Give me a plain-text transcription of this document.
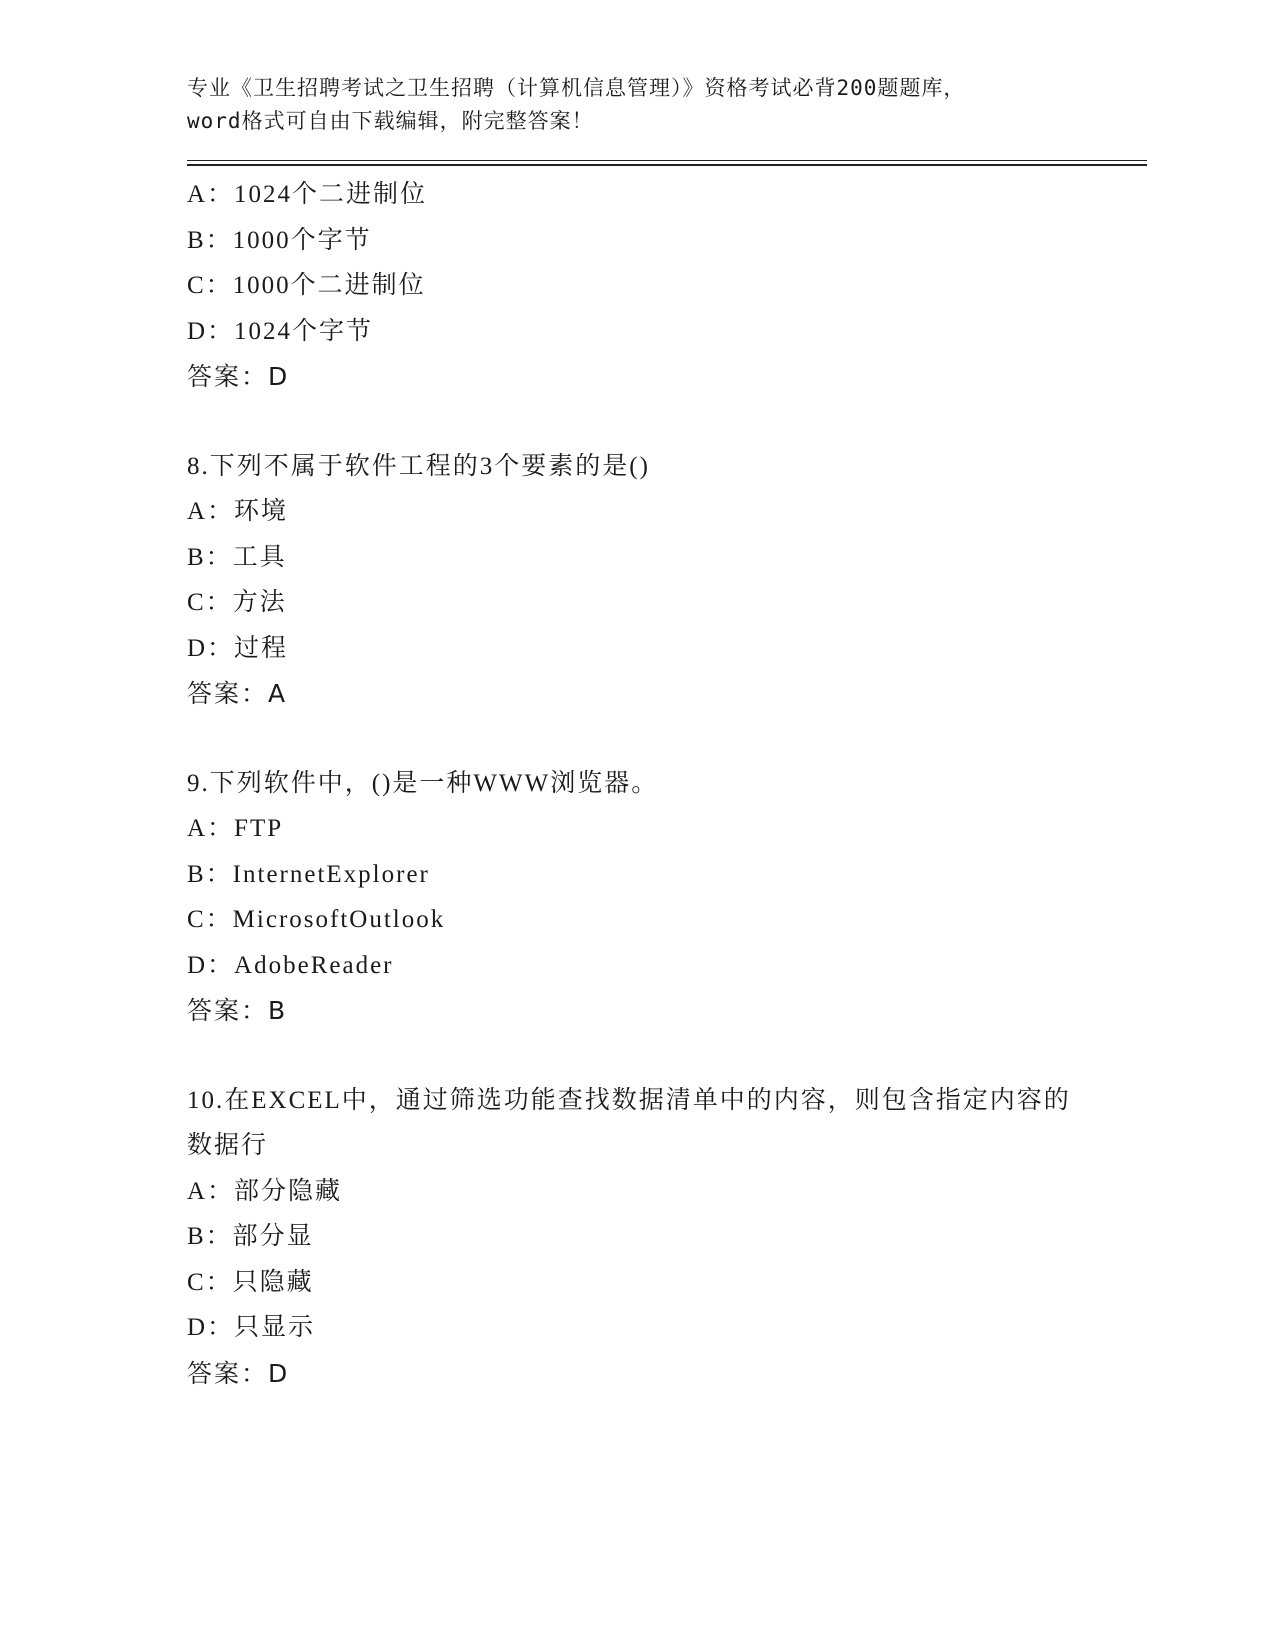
专业《卫生招聘考试之卫生招聘（计算机信息管理）》资格考试必背200题题库，

word格式可自由下载编辑，附完整答案！

A：1024个二进制位

B：1000个字节

C：1000个二进制位

D：1024个字节

答案：D

8.下列不属于软件工程的3个要素的是()

A：环境

B：工具

C：方法

D：过程

答案：A

9.下列软件中，()是一种WWW浏览器。

A：FTP

B：InternetExplorer

C：MicrosoftOutlook

D：AdobeReader

答案：B

10.在EXCEL中，通过筛选功能查找数据清单中的内容，则包含指定内容的数据行

A：部分隐藏

B：部分显

C：只隐藏

D：只显示

答案：D
